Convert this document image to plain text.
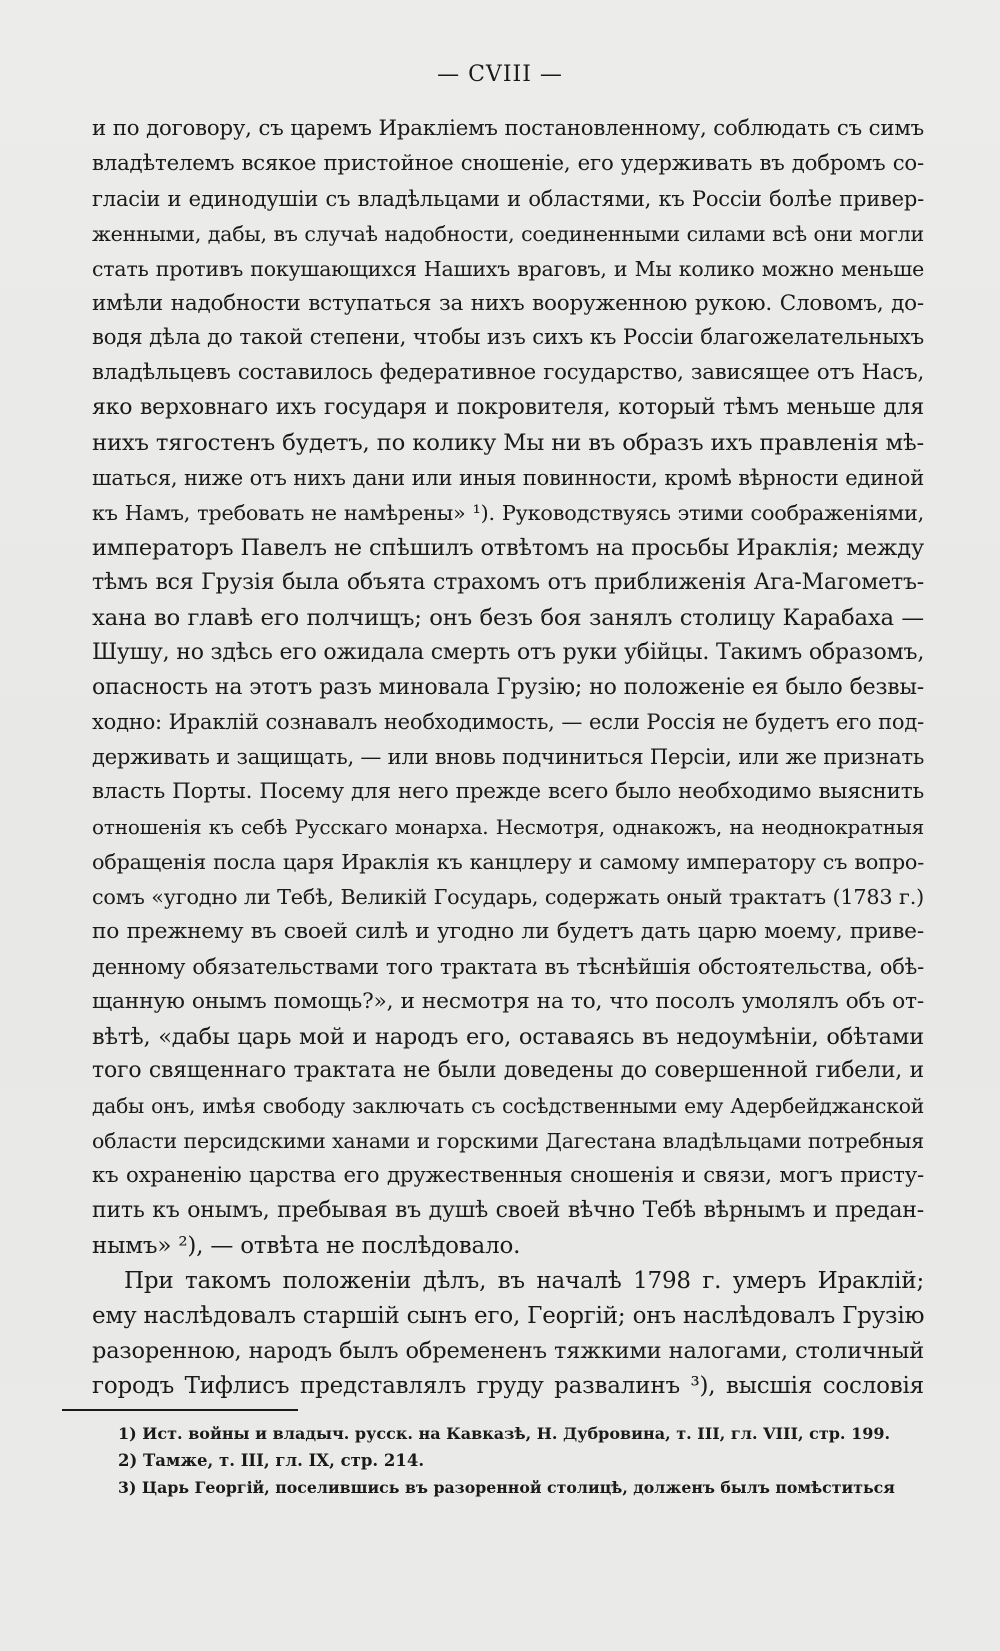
— CVIII —
и по договору, съ царемъ Иракліемъ постановленному, соблюдать съ симъ
владѣтелемъ всякое пристойное сношеніе, его удерживать въ добромъ со-
гласіи и единодушіи съ владѣльцами и областями, къ Россіи болѣе привер-
женными, дабы, въ случаѣ надобности, соединенными силами всѣ они могли
стать противъ покушающихся Нашихъ враговъ, и Мы колико можно меньше
имѣли надобности вступаться за нихъ вооруженною рукою. Словомъ, до-
водя дѣла до такой степени, чтобы изъ сихъ къ Россіи благожелательныхъ
владѣльцевъ составилось федеративное государство, зависящее отъ Насъ,
яко верховнаго ихъ государя и покровителя, который тѣмъ меньше для
нихъ тягостенъ будетъ, по колику Мы ни въ образъ ихъ правленія мѣ-
шаться, ниже отъ нихъ дани или иныя повинности, кромѣ вѣрности единой
къ Намъ, требовать не намѣрены» ¹). Руководствуясь этими соображеніями,
императоръ Павелъ не спѣшилъ отвѣтомъ на просьбы Ираклія; между
тѣмъ вся Грузія была объята страхомъ отъ приближенія Ага-Магометъ-
хана во главѣ его полчищъ; онъ безъ боя занялъ столицу Карабаха —
Шушу, но здѣсь его ожидала смерть отъ руки убійцы. Такимъ образомъ,
опасность на этотъ разъ миновала Грузію; но положеніе ея было безвы-
ходно: Ираклій сознавалъ необходимость, — если Россія не будетъ его под-
держивать и защищать, — или вновь подчиниться Персіи, или же признать
власть Порты. Посему для него прежде всего было необходимо выяснить
отношенія къ себѣ Русскаго монарха. Несмотря, однакожъ, на неоднократныя
обращенія посла царя Ираклія къ канцлеру и самому императору съ вопро-
сомъ «угодно ли Тебѣ, Великій Государь, содержать оный трактатъ (1783 г.)
по прежнему въ своей силѣ и угодно ли будетъ дать царю моему, приве-
денному обязательствами того трактата въ тѣснѣйшія обстоятельства, обѣ-
щанную онымъ помощь?», и несмотря на то, что посолъ умолялъ объ от-
вѣтѣ, «дабы царь мой и народъ его, оставаясь въ недоумѣніи, обѣтами
того священнаго трактата не были доведены до совершенной гибели, и
дабы онъ, имѣя свободу заключать съ сосѣдственными ему Адербейджанской
области персидскими ханами и горскими Дагестана владѣльцами потребныя
къ охраненію царства его дружественныя сношенія и связи, могъ присту-
пить къ онымъ, пребывая въ душѣ своей вѣчно Тебѣ вѣрнымъ и предан-
нымъ» ²), — отвѣта не послѣдовало.
При такомъ положеніи дѣлъ, въ началѣ 1798 г. умеръ Ираклій;
ему наслѣдовалъ старшій сынъ его, Георгій; онъ наслѣдовалъ Грузію
разоренною, народъ былъ обремененъ тяжкими налогами, столичный
городъ Тифлисъ представлялъ груду развалинъ ³), высшія сословія
1) Ист. войны и владыч. русск. на Кавказѣ, Н. Дубровина, т. III, гл. VIII, стр. 199.
2) Тамже, т. III, гл. IX, стр. 214.
3) Царь Георгій, поселившись въ разоренной столицѣ, долженъ былъ помѣститься
